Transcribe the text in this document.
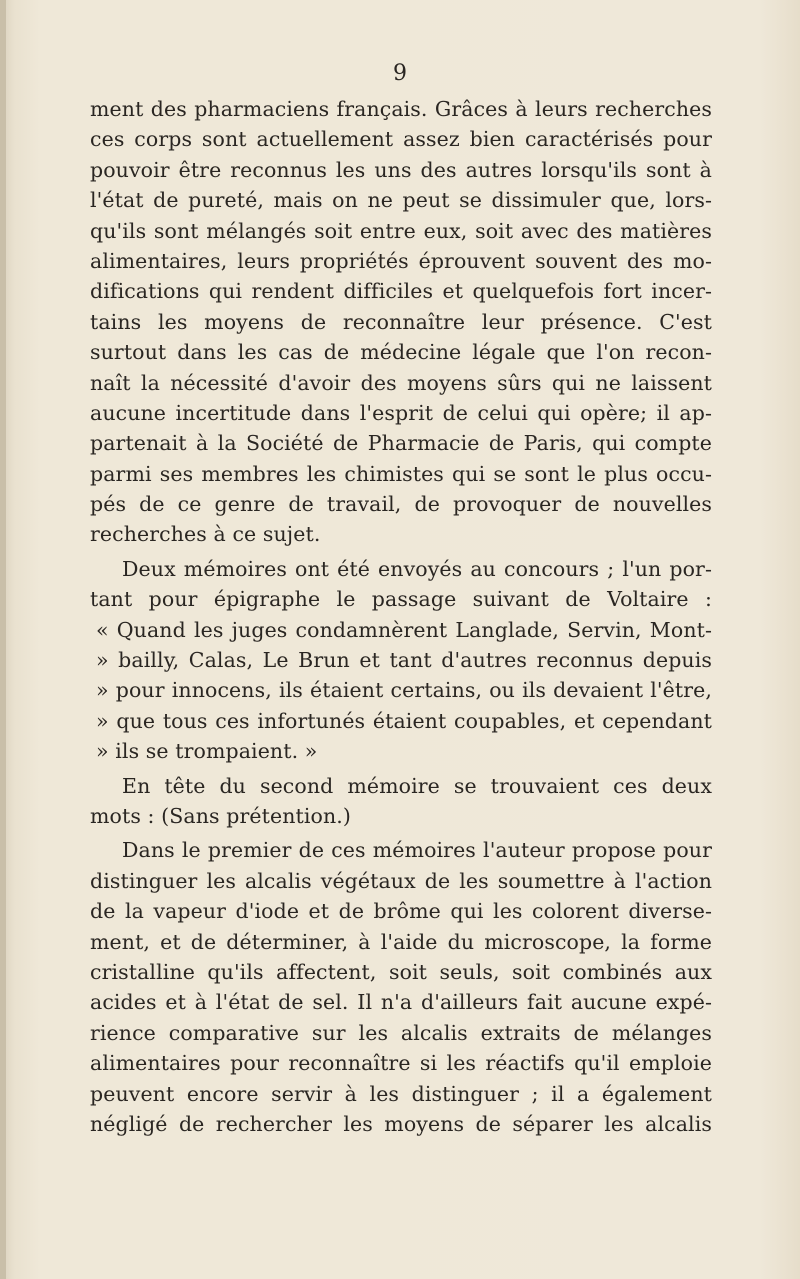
9
ment des pharmaciens français. Grâces à leurs recherches
ces corps sont actuellement assez bien caractérisés pour
pouvoir être reconnus les uns des autres lorsqu'ils sont à
l'état de pureté, mais on ne peut se dissimuler que, lors-
qu'ils sont mélangés soit entre eux, soit avec des matières
alimentaires, leurs propriétés éprouvent souvent des mo-
difications qui rendent difficiles et quelquefois fort incer-
tains les moyens de reconnaître leur présence. C'est
surtout dans les cas de médecine légale que l'on recon-
naît la nécessité d'avoir des moyens sûrs qui ne laissent
aucune incertitude dans l'esprit de celui qui opère; il ap-
partenait à la Société de Pharmacie de Paris, qui compte
parmi ses membres les chimistes qui se sont le plus occu-
pés de ce genre de travail, de provoquer de nouvelles
recherches à ce sujet.
Deux mémoires ont été envoyés au concours ; l'un por-
tant pour épigraphe le passage suivant de Voltaire :
« Quand les juges condamnèrent Langlade, Servin, Mont-
» bailly, Calas, Le Brun et tant d'autres reconnus depuis
» pour innocens, ils étaient certains, ou ils devaient l'être,
» que tous ces infortunés étaient coupables, et cependant
» ils se trompaient. »
En tête du second mémoire se trouvaient ces deux
mots : (Sans prétention.)
Dans le premier de ces mémoires l'auteur propose pour
distinguer les alcalis végétaux de les soumettre à l'action
de la vapeur d'iode et de brôme qui les colorent diverse-
ment, et de déterminer, à l'aide du microscope, la forme
cristalline qu'ils affectent, soit seuls, soit combinés aux
acides et à l'état de sel. Il n'a d'ailleurs fait aucune expé-
rience comparative sur les alcalis extraits de mélanges
alimentaires pour reconnaître si les réactifs qu'il emploie
peuvent encore servir à les distinguer ; il a également
négligé de rechercher les moyens de séparer les alcalis
